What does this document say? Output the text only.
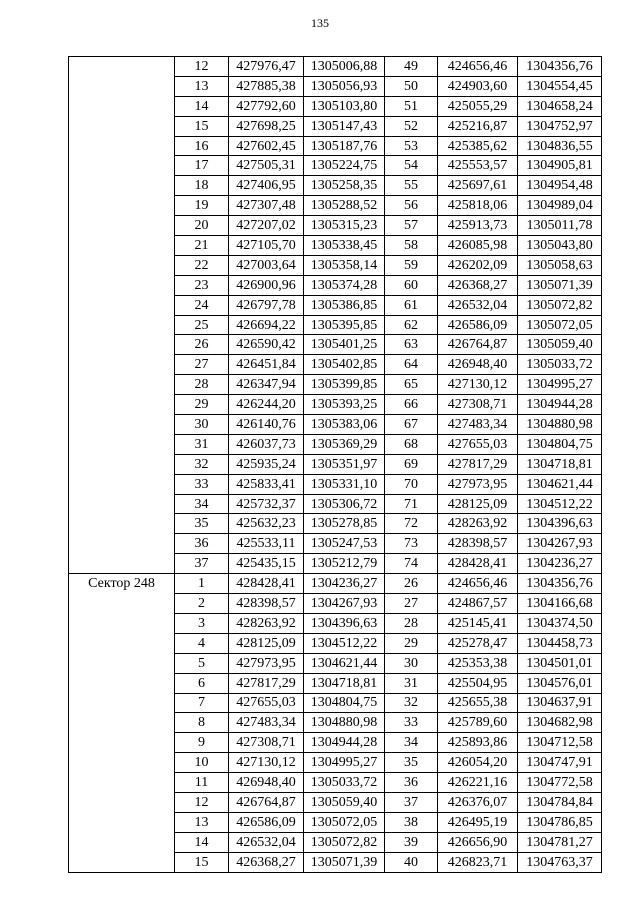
135
	12	427976,47	1305006,88	49	424656,46	1304356,76
	13	427885,38	1305056,93	50	424903,60	1304554,45
	14	427792,60	1305103,80	51	425055,29	1304658,24
	15	427698,25	1305147,43	52	425216,87	1304752,97
	16	427602,45	1305187,76	53	425385,62	1304836,55
	17	427505,31	1305224,75	54	425553,57	1304905,81
	18	427406,95	1305258,35	55	425697,61	1304954,48
	19	427307,48	1305288,52	56	425818,06	1304989,04
	20	427207,02	1305315,23	57	425913,73	1305011,78
	21	427105,70	1305338,45	58	426085,98	1305043,80
	22	427003,64	1305358,14	59	426202,09	1305058,63
	23	426900,96	1305374,28	60	426368,27	1305071,39
	24	426797,78	1305386,85	61	426532,04	1305072,82
	25	426694,22	1305395,85	62	426586,09	1305072,05
	26	426590,42	1305401,25	63	426764,87	1305059,40
	27	426451,84	1305402,85	64	426948,40	1305033,72
	28	426347,94	1305399,85	65	427130,12	1304995,27
	29	426244,20	1305393,25	66	427308,71	1304944,28
	30	426140,76	1305383,06	67	427483,34	1304880,98
	31	426037,73	1305369,29	68	427655,03	1304804,75
	32	425935,24	1305351,97	69	427817,29	1304718,81
	33	425833,41	1305331,10	70	427973,95	1304621,44
	34	425732,37	1305306,72	71	428125,09	1304512,22
	35	425632,23	1305278,85	72	428263,92	1304396,63
	36	425533,11	1305247,53	73	428398,57	1304267,93
	37	425435,15	1305212,79	74	428428,41	1304236,27
Сектор 248	1	428428,41	1304236,27	26	424656,46	1304356,76
	2	428398,57	1304267,93	27	424867,57	1304166,68
	3	428263,92	1304396,63	28	425145,41	1304374,50
	4	428125,09	1304512,22	29	425278,47	1304458,73
	5	427973,95	1304621,44	30	425353,38	1304501,01
	6	427817,29	1304718,81	31	425504,95	1304576,01
	7	427655,03	1304804,75	32	425655,38	1304637,91
	8	427483,34	1304880,98	33	425789,60	1304682,98
	9	427308,71	1304944,28	34	425893,86	1304712,58
	10	427130,12	1304995,27	35	426054,20	1304747,91
	11	426948,40	1305033,72	36	426221,16	1304772,58
	12	426764,87	1305059,40	37	426376,07	1304784,84
	13	426586,09	1305072,05	38	426495,19	1304786,85
	14	426532,04	1305072,82	39	426656,90	1304781,27
	15	426368,27	1305071,39	40	426823,71	1304763,37
